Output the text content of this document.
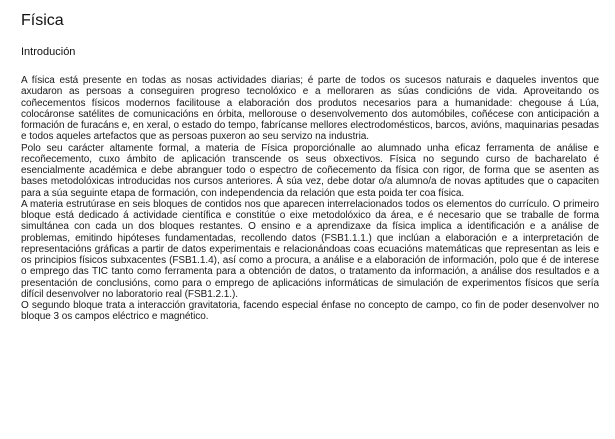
Física
Introdución

A física está presente en todas as nosas actividades diarias; é parte de todos os sucesos naturais e daqueles inventos que axudaron as persoas a conseguiren progreso tecnolóxico e a melloraren as súas condicións de vida. Aproveitando os coñecementos físicos modernos facilitouse a elaboración dos produtos necesarios para a humanidade: chegouse á Lúa, colocáronse satélites de comunicacións en órbita, mellorouse o desenvolvemento dos automóbiles, coñécese con anticipación a formación de furacáns e, en xeral, o estado do tempo, fabrícanse mellores electrodomésticos, barcos, avións, maquinarias pesadas e todos aqueles artefactos que as persoas puxeron ao seu servizo na industria.

Polo seu carácter altamente formal, a materia de Física proporciónalle ao alumnado unha eficaz ferramenta de análise e recoñecemento, cuxo ámbito de aplicación transcende os seus obxectivos. Física no segundo curso de bacharelato é esencialmente académica e debe abranguer todo o espectro de coñecemento da física con rigor, de forma que se asenten as bases metodolóxicas introducidas nos cursos anteriores. Á súa vez, debe dotar o/a alumno/a de novas aptitudes que o capaciten para a súa seguinte etapa de formación, con independencia da relación que esta poida ter coa física.

A materia estrutúrase en seis bloques de contidos nos que aparecen interrelacionados todos os elementos do currículo. O primeiro bloque está dedicado á actividade científica e constitúe o eixe metodolóxico da área, e é necesario que se traballe de forma simultánea con cada un dos bloques restantes. O ensino e a aprendizaxe da física implica a identificación e a análise de problemas, emitindo hipóteses fundamentadas, recollendo datos (FSB1.1.1.) que inclúan a elaboración e a interpretación de representacións gráficas a partir de datos experimentais e relacionándoas coas ecuacións matemáticas que representan as leis e os principios físicos subxacentes (FSB1.1.4), así como a procura, a análise e a elaboración de información, polo que é de interese o emprego das TIC tanto como ferramenta para a obtención de datos, o tratamento da información, a análise dos resultados e a presentación de conclusións, como para o emprego de aplicacións informáticas de simulación de experimentos físicos que sería difícil desenvolver no laboratorio real (FSB1.2.1.).

O segundo bloque trata a interacción gravitatoria, facendo especial énfase no concepto de campo, co fin de poder desenvolver no bloque 3 os campos eléctrico e magnético.
